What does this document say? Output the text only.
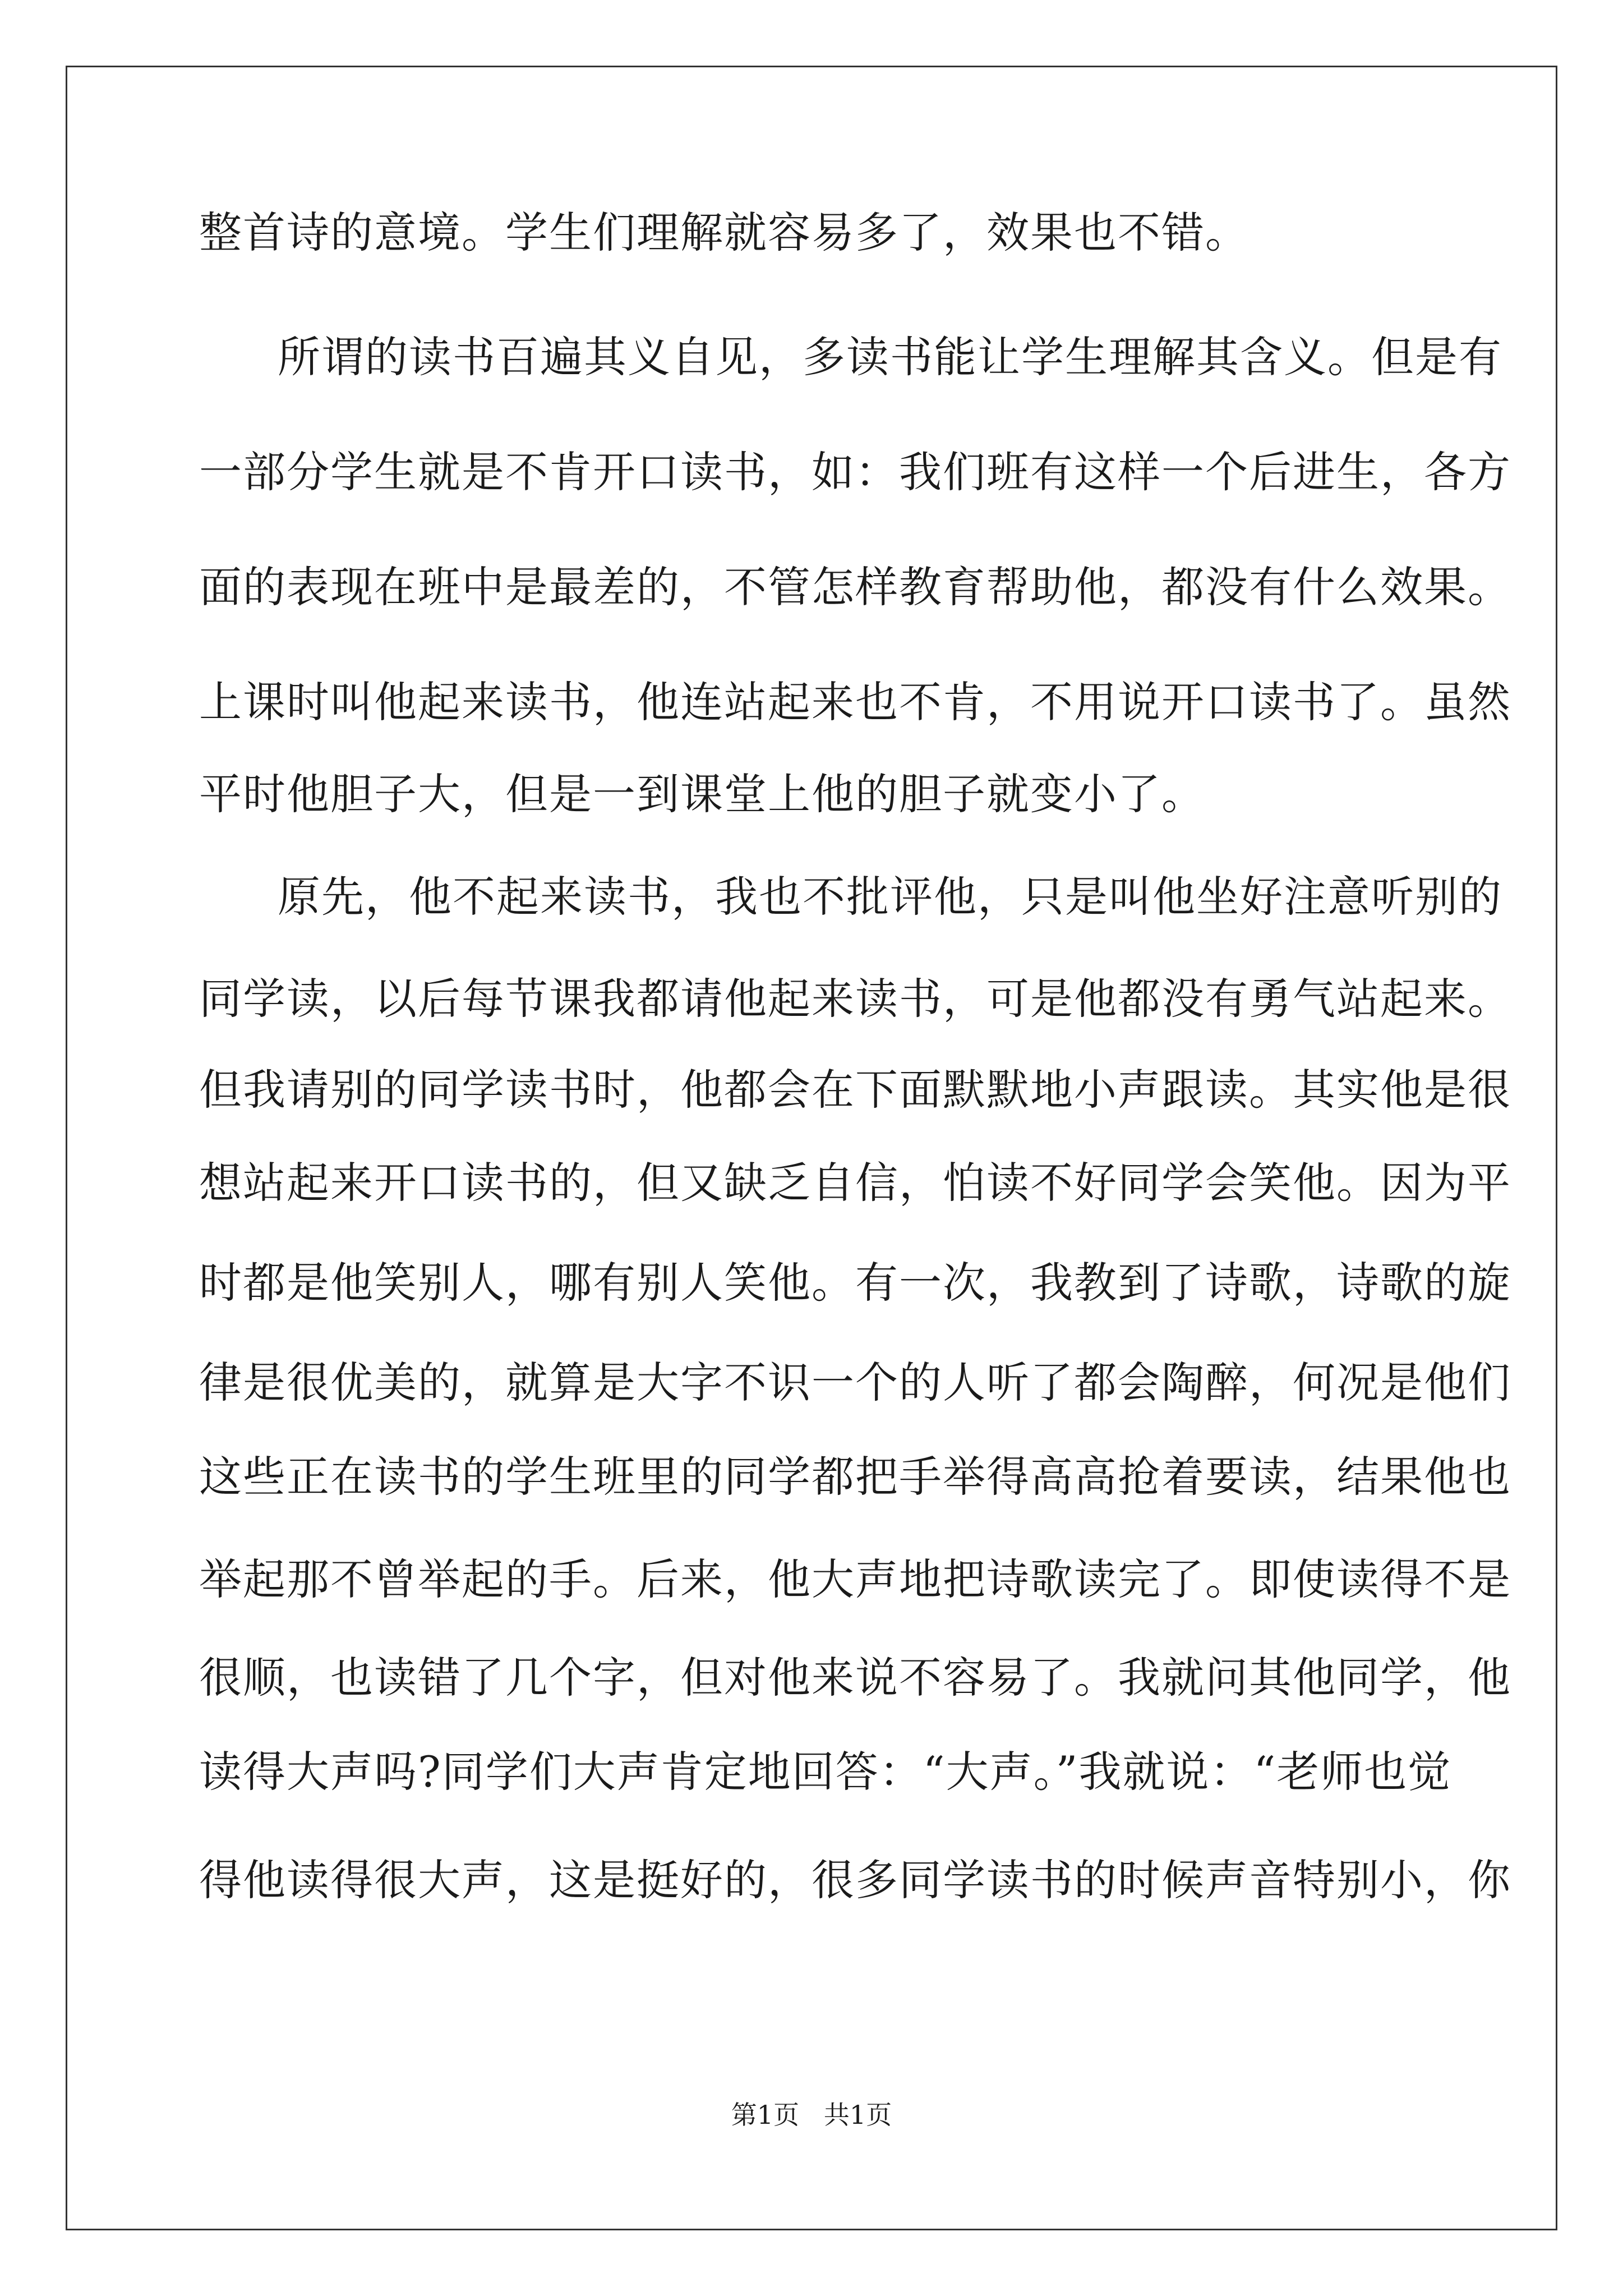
整首诗的意境。学生们理解就容易多了，效果也不错。
所谓的读书百遍其义自见，多读书能让学生理解其含义。但是有
一部分学生就是不肯开口读书，如：我们班有这样一个后进生，各方
面的表现在班中是最差的，不管怎样教育帮助他，都没有什么效果。
上课时叫他起来读书，他连站起来也不肯，不用说开口读书了。虽然
平时他胆子大，但是一到课堂上他的胆子就变小了。
原先，他不起来读书，我也不批评他，只是叫他坐好注意听别的
同学读，以后每节课我都请他起来读书，可是他都没有勇气站起来。
但我请别的同学读书时，他都会在下面默默地小声跟读。其实他是很
想站起来开口读书的，但又缺乏自信，怕读不好同学会笑他。因为平
时都是他笑别人，哪有别人笑他。有一次，我教到了诗歌，诗歌的旋
律是很优美的，就算是大字不识一个的人听了都会陶醉，何况是他们
这些正在读书的学生班里的同学都把手举得高高抢着要读，结果他也
举起那不曾举起的手。后来，他大声地把诗歌读完了。即使读得不是
很顺，也读错了几个字，但对他来说不容易了。我就问其他同学，他
读得大声吗?同学们大声肯定地回答：“大声。”我就说：“老师也觉
得他读得很大声，这是挺好的，很多同学读书的时候声音特别小，你
第1页   共1页
